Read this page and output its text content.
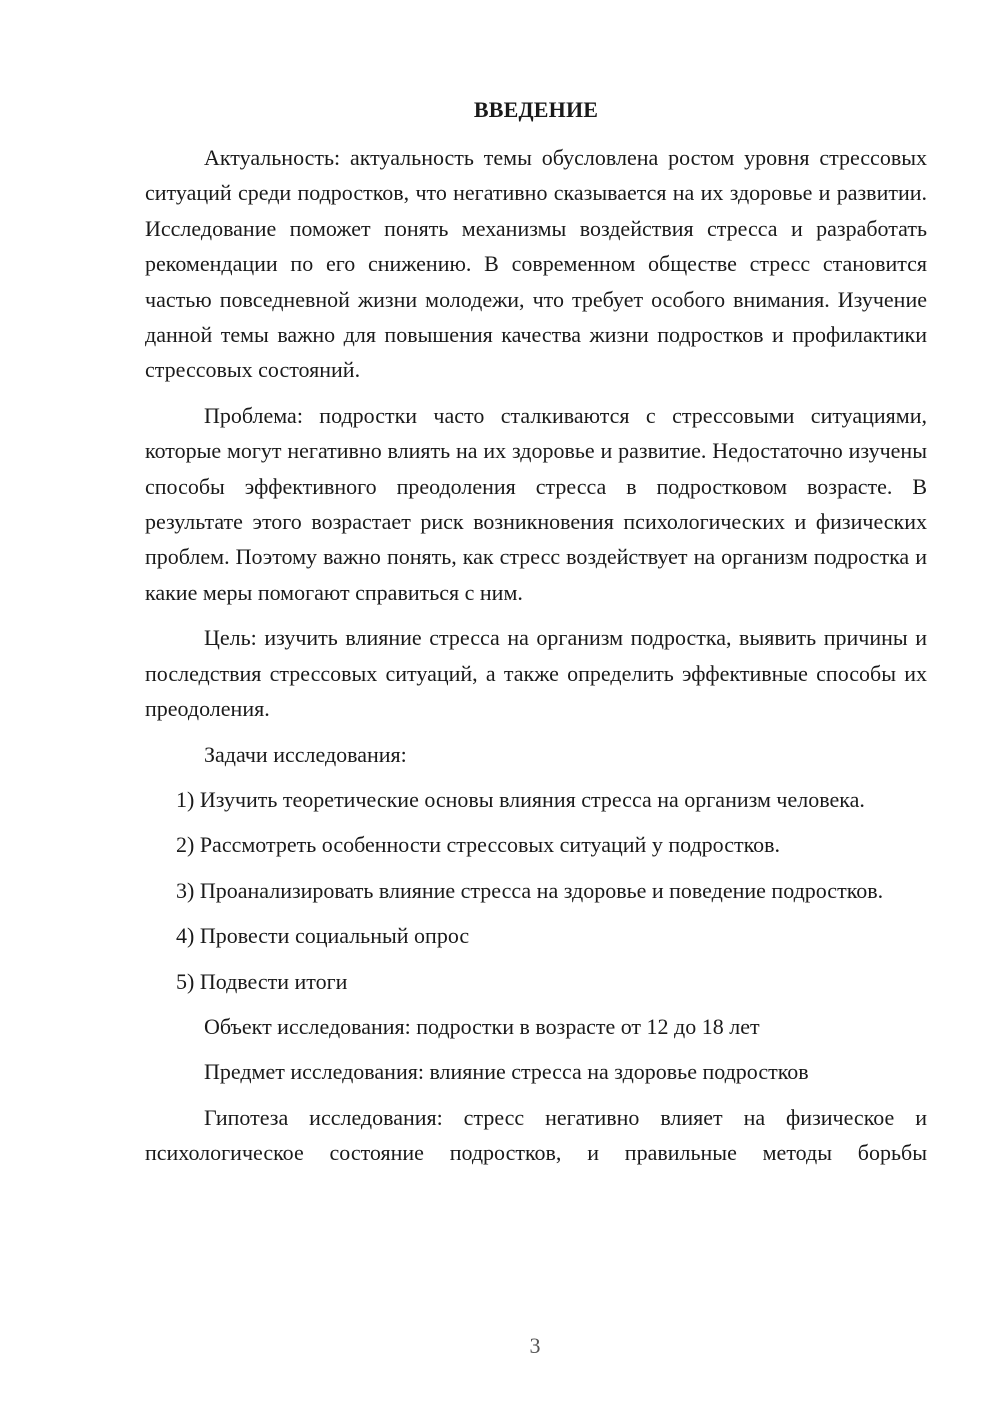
ВВЕДЕНИЕ

Актуальность: актуальность темы обусловлена ростом уровня стрессовых ситуаций среди подростков, что негативно сказывается на их здоровье и развитии. Исследование поможет понять механизмы воздействия стресса и разработать рекомендации по его снижению. В современном обществе стресс становится частью повседневной жизни молодежи, что требует особого внимания. Изучение данной темы важно для повышения качества жизни подростков и профилактики стрессовых состояний.

Проблема: подростки часто сталкиваются с стрессовыми ситуациями, которые могут негативно влиять на их здоровье и развитие. Недостаточно изучены способы эффективного преодоления стресса в подростковом возрасте. В результате этого возрастает риск возникновения психологических и физических проблем. Поэтому важно понять, как стресс воздействует на организм подростка и какие меры помогают справиться с ним.

Цель: изучить влияние стресса на организм подростка, выявить причины и последствия стрессовых ситуаций, а также определить эффективные способы их преодоления.

Задачи исследования:

1) Изучить теоретические основы влияния стресса на организм человека.

2) Рассмотреть особенности стрессовых ситуаций у подростков.

3) Проанализировать влияние стресса на здоровье и поведение подростков.

4) Провести социальный опрос

5) Подвести итоги

Объект исследования: подростки в возрасте от 12 до 18 лет

Предмет исследования: влияние стресса на здоровье подростков

Гипотеза исследования: стресс негативно влияет на физическое и психологическое состояние подростков, и правильные методы борьбы

3
